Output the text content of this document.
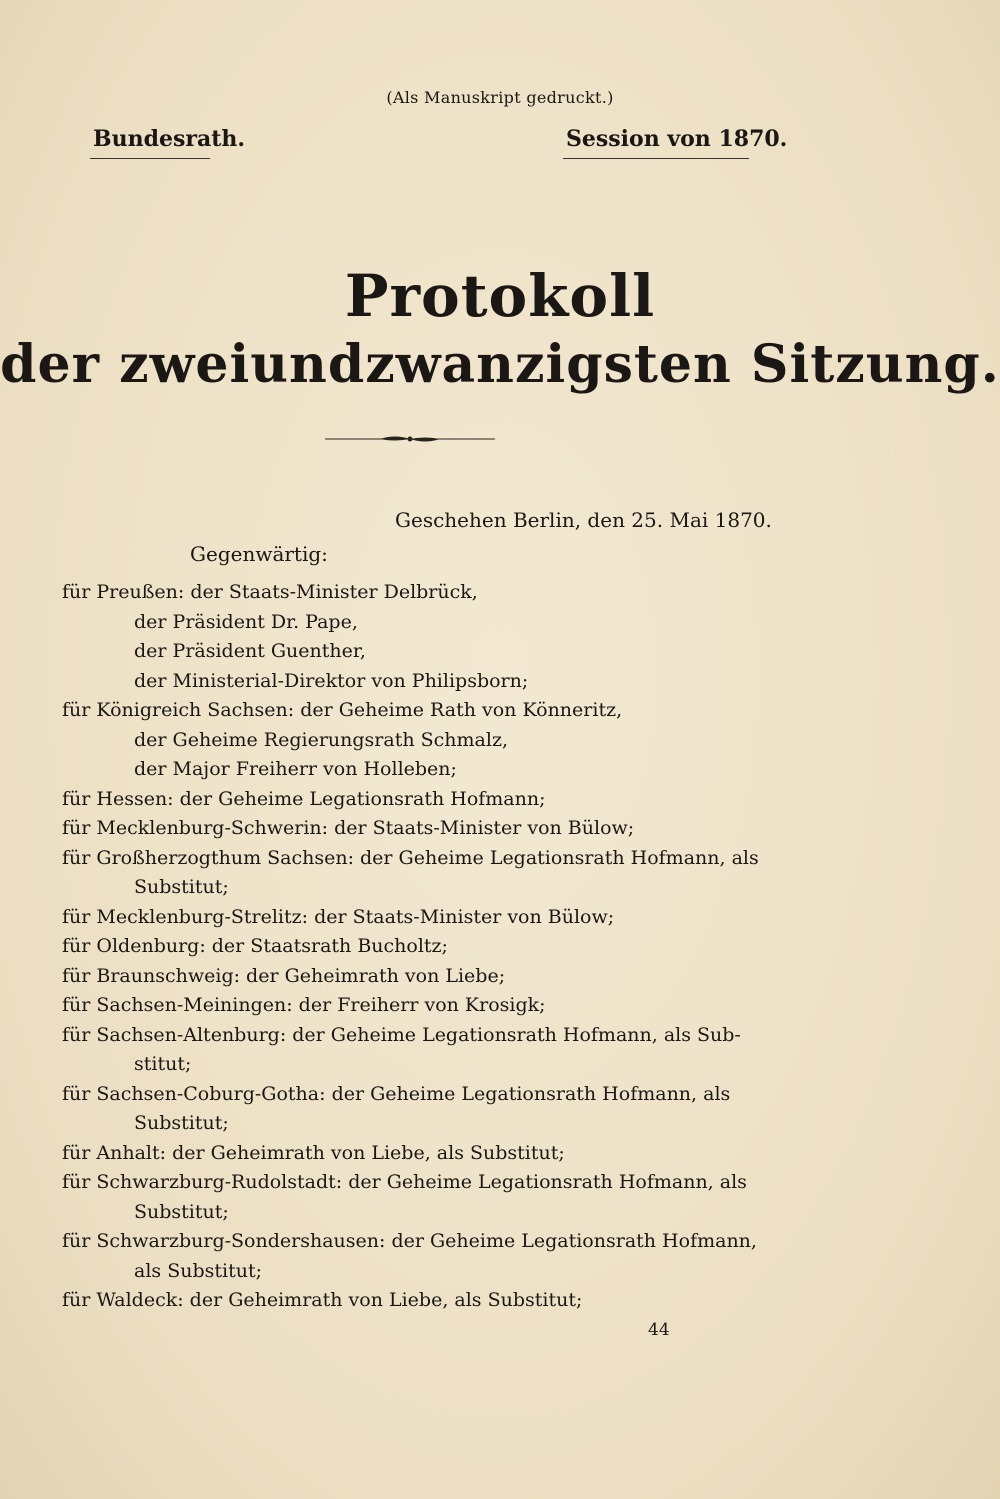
(Als Manuskript gedruckt.)
Bundesrath.	Session von 1870.
Protokoll
der zweiundzwanzigsten Sitzung.
Geschehen Berlin, den 25. Mai 1870.
Gegenwärtig:
für Preußen: der Staats-Minister Delbrück,
der Präsident Dr. Pape,
der Präsident Guenther,
der Ministerial-Direktor von Philipsborn;
für Königreich Sachsen: der Geheime Rath von Könneritz,
der Geheime Regierungsrath Schmalz,
der Major Freiherr von Holleben;
für Hessen: der Geheime Legationsrath Hofmann;
für Mecklenburg-Schwerin: der Staats-Minister von Bülow;
für Großherzogthum Sachsen: der Geheime Legationsrath Hofmann, als
Substitut;
für Mecklenburg-Strelitz: der Staats-Minister von Bülow;
für Oldenburg: der Staatsrath Bucholtz;
für Braunschweig: der Geheimrath von Liebe;
für Sachsen-Meiningen: der Freiherr von Krosigk;
für Sachsen-Altenburg: der Geheime Legationsrath Hofmann, als Sub-
stitut;
für Sachsen-Coburg-Gotha: der Geheime Legationsrath Hofmann, als
Substitut;
für Anhalt: der Geheimrath von Liebe, als Substitut;
für Schwarzburg-Rudolstadt: der Geheime Legationsrath Hofmann, als
Substitut;
für Schwarzburg-Sondershausen: der Geheime Legationsrath Hofmann,
als Substitut;
für Waldeck: der Geheimrath von Liebe, als Substitut;
44
